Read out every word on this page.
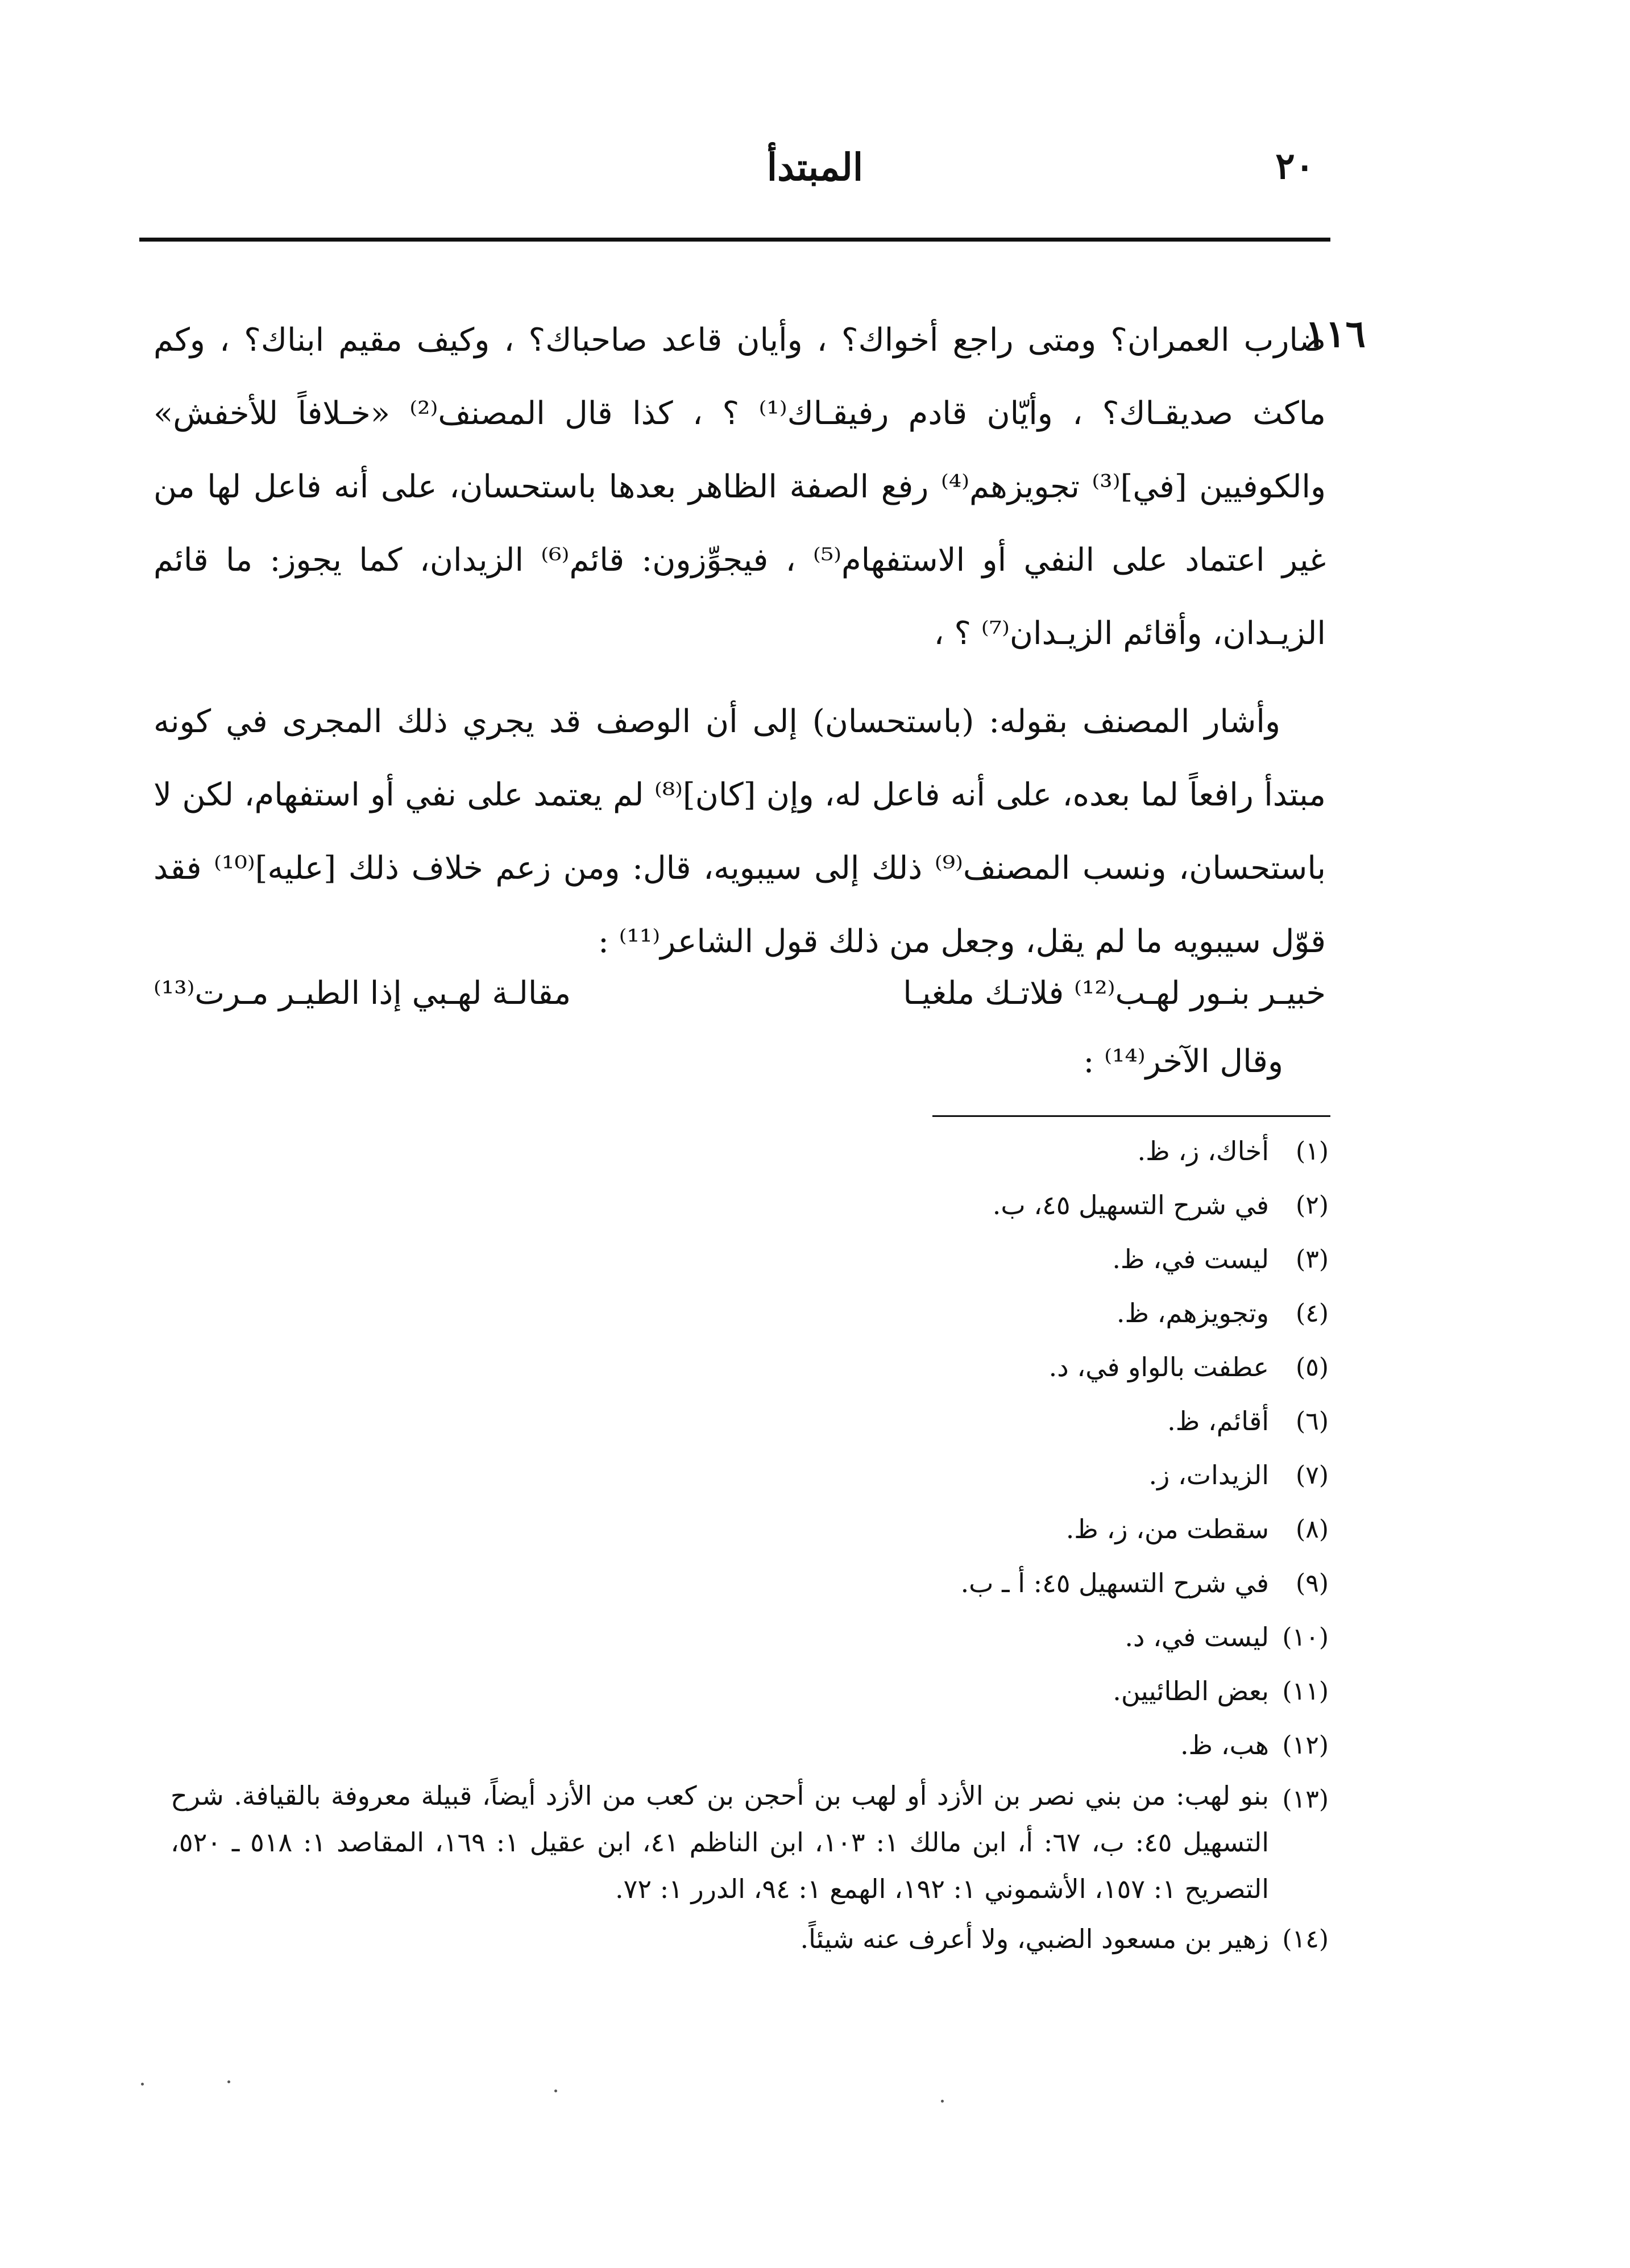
٢٠
المبتدأ
١١٦
ضارب العمران؟ ومتى راجع أخواك؟ ، وأيان قاعد صاحباك؟ ، وكيف مقيم ابناك؟ ، وكم ماكث صديقـاك؟ ، وأيّان قادم رفيقـاك⁽¹⁾ ؟ ، كذا قال المصنف⁽²⁾ «خـلافاً للأخفش» والكوفيين [في]⁽³⁾ تجويزهم⁽⁴⁾ رفع الصفة الظاهر بعدها باستحسان، على أنه فاعل لها من غير اعتماد على النفي أو الاستفهام⁽⁵⁾ ، فيجوِّزون: قائم⁽⁶⁾ الزيدان، كما يجوز: ما قائم الزيـدان، وأقائم الزيـدان⁽⁷⁾ ؟ ،
وأشار المصنف بقوله: (باستحسان) إلى أن الوصف قد يجري ذلك المجرى في كونه مبتدأ رافعاً لما بعده، على أنه فاعل له، وإن [كان]⁽⁸⁾ لم يعتمد على نفي أو استفهام، لكن لا باستحسان، ونسب المصنف⁽⁹⁾ ذلك إلى سيبويه، قال: ومن زعم خلاف ذلك [عليه]⁽¹⁰⁾ فقد قوّل سيبويه ما لم يقل، وجعل من ذلك قول الشاعر⁽¹¹⁾ :
خبيـر بنـور لهـب⁽¹²⁾ فلاتـك ملغيـا
مقالـة لهـبي إذا الطيـر مـرت⁽¹³⁾
وقال الآخر⁽¹⁴⁾ :
(١)
أخاك، ز، ظ.
(٢)
في شرح التسهيل ٤٥، ب.
(٣)
ليست في، ظ.
(٤)
وتجويزهم، ظ.
(٥)
عطفت بالواو في، د.
(٦)
أقائم، ظ.
(٧)
الزيدات، ز.
(٨)
سقطت من، ز، ظ.
(٩)
في شرح التسهيل ٤٥: أ ـ ب.
(١٠)
ليست في، د.
(١١)
بعض الطائيين.
(١٢)
هب، ظ.
(١٣)
بنو لهب: من بني نصر بن الأزد أو لهب بن أحجن بن كعب من الأزد أيضاً، قبيلة معروفة بالقيافة. شرح التسهيل ٤٥: ب، ٦٧: أ، ابن مالك ١: ١٠٣، ابن الناظم ٤١، ابن عقيل ١: ١٦٩، المقاصد ١: ٥١٨ ـ ٥٢٠، التصريح ١: ١٥٧، الأشموني ١: ١٩٢، الهمع ١: ٩٤، الدرر ١: ٧٢.
(١٤)
زهير بن مسعود الضبي، ولا أعرف عنه شيئاً.
